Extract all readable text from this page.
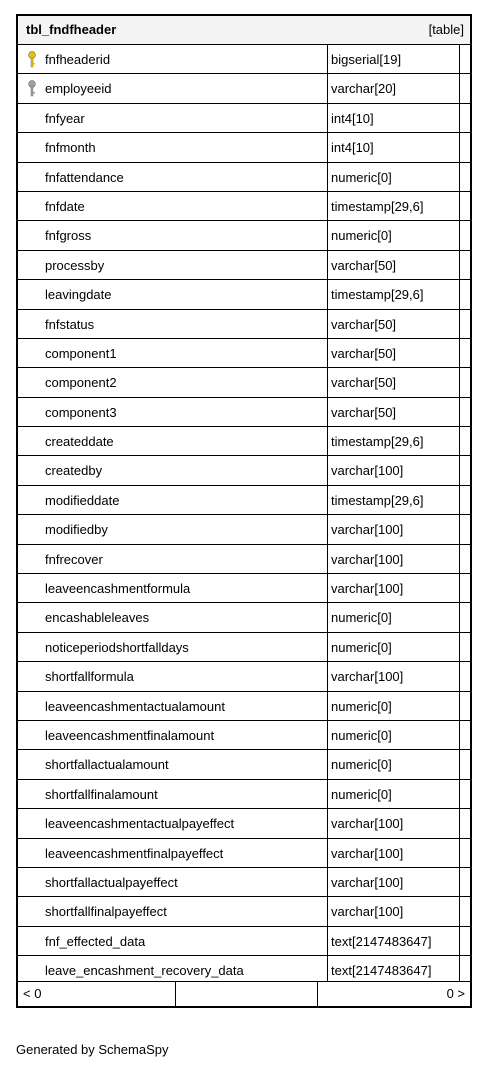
tbl_fndfheader	[table]
fnfheaderid	bigserial[19]
employeeid	varchar[20]
fnfyear	int4[10]
fnfmonth	int4[10]
fnfattendance	numeric[0]
fnfdate	timestamp[29,6]
fnfgross	numeric[0]
processby	varchar[50]
leavingdate	timestamp[29,6]
fnfstatus	varchar[50]
component1	varchar[50]
component2	varchar[50]
component3	varchar[50]
createddate	timestamp[29,6]
createdby	varchar[100]
modifieddate	timestamp[29,6]
modifiedby	varchar[100]
fnfrecover	varchar[100]
leaveencashmentformula	varchar[100]
encashableleaves	numeric[0]
noticeperiodshortfalldays	numeric[0]
shortfallformula	varchar[100]
leaveencashmentactualamount	numeric[0]
leaveencashmentfinalamount	numeric[0]
shortfallactualamount	numeric[0]
shortfallfinalamount	numeric[0]
leaveencashmentactualpayeffect	varchar[100]
leaveencashmentfinalpayeffect	varchar[100]
shortfallactualpayeffect	varchar[100]
shortfallfinalpayeffect	varchar[100]
fnf_effected_data	text[2147483647]
leave_encashment_recovery_data	text[2147483647]
< 0	0 >
Generated by SchemaSpy
